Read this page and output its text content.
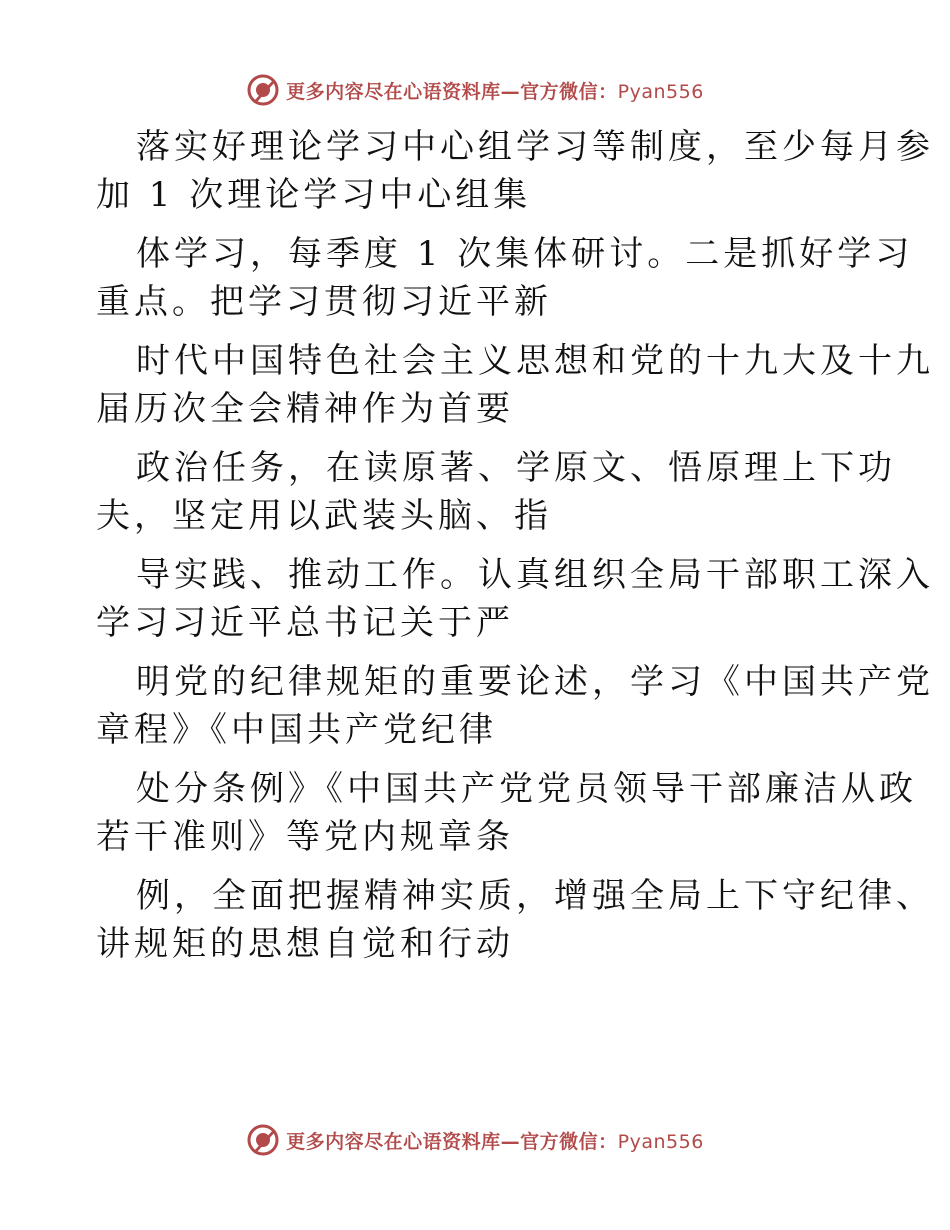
更多内容尽在心语资料库—官方微信：Pyan556
落实好理论学习中心组学习等制度，至少每月参
加 1 次理论学习中心组集
体学习，每季度 1 次集体研讨。二是抓好学习
重点。把学习贯彻习近平新
时代中国特色社会主义思想和党的十九大及十九
届历次全会精神作为首要
政治任务，在读原著、学原文、悟原理上下功
夫，坚定用以武装头脑、指
导实践、推动工作。认真组织全局干部职工深入
学习习近平总书记关于严
明党的纪律规矩的重要论述，学习《中国共产党
章程》《中国共产党纪律
处分条例》《中国共产党党员领导干部廉洁从政
若干准则》等党内规章条
例，全面把握精神实质，增强全局上下守纪律、
讲规矩的思想自觉和行动
更多内容尽在心语资料库—官方微信：Pyan556
